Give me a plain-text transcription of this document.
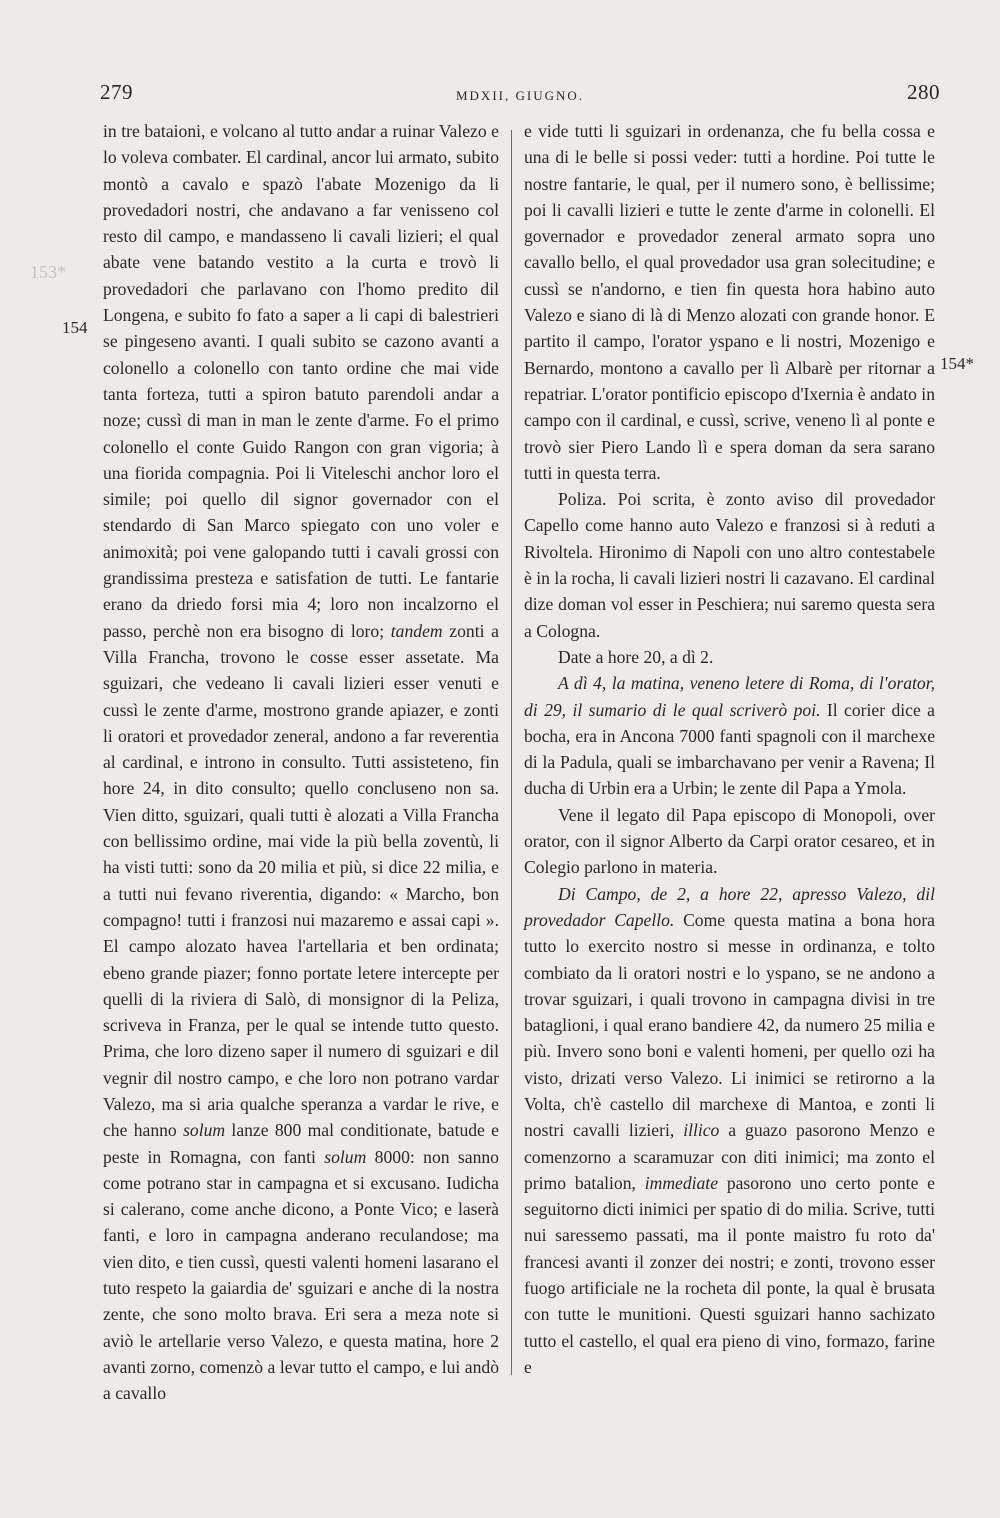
279	MDXII, GIUGNO.	280
153*
154
154*

in tre bataioni, e volcano al tutto andar a ruinar Valezo e lo voleva combater. El cardinal, ancor lui armato, subito montò a cavalo e spazò l'abate Mozenigo da li provedadori nostri, che andavano a far venisseno col resto dil campo, e mandasseno li cavali lizieri; el qual abate vene batando vestito a la curta e trovò li provedadori che parlavano con l'homo predito dil Longena, e subito fo fato a saper a li capi di balestrieri se pingeseno avanti. I quali subito se cazono avanti a colonello a colonello con tanto ordine che mai vide tanta forteza, tutti a spiron batuto parendoli andar a noze; cussì di man in man le zente d'arme. Fo el primo colonello el conte Guido Rangon con gran vigoria; à una fiorida compagnia. Poi li Viteleschi anchor loro el simile; poi quello dil signor governador con el stendardo di San Marco spiegato con uno voler e animoxità; poi vene galopando tutti i cavali grossi con grandissima presteza e satisfation de tutti. Le fantarie erano da driedo forsi mia 4; loro non incalzorno el passo, perchè non era bisogno di loro; tandem zonti a Villa Francha, trovono le cosse esser assetate. Ma sguizari, che vedeano li cavali lizieri esser venuti e cussì le zente d'arme, mostrono grande apiazer, e zonti li oratori et provedador zeneral, andono a far reverentia al cardinal, e introno in consulto. Tutti assisteteno, fin hore 24, in dito consulto; quello concluseno non sa. Vien ditto, sguizari, quali tutti è alozati a Villa Francha con bellissimo ordine, mai vide la più bella zoventù, li ha visti tutti: sono da 20 milia et più, si dice 22 milia, e a tutti nui fevano riverentia, digando: « Marcho, bon compagno! tutti i franzosi nui mazaremo e assai capi ». El campo alozato havea l'artellaria et ben ordinata; ebeno grande piazer; fonno portate letere intercepte per quelli di la riviera di Salò, di monsignor di la Peliza, scriveva in Franza, per le qual se intende tutto questo. Prima, che loro dizeno saper il numero di sguizari e dil vegnir dil nostro campo, e che loro non potrano vardar Valezo, ma si aria qualche speranza a vardar le rive, e che hanno solum lanze 800 mal conditionate, batude e peste in Romagna, con fanti solum 8000: non sanno come potrano star in campagna et si excusano. Iudicha si calerano, come anche dicono, a Ponte Vico; e laserà fanti, e loro in campagna anderano reculandose; ma vien dito, e tien cussì, questi valenti homeni lasarano el tuto respeto la gaiardia de' sguizari e anche di la nostra zente, che sono molto brava. Eri sera a meza note si aviò le artellarie verso Valezo, e questa matina, hore 2 avanti zorno, comenzò a levar tutto el campo, e lui andò a cavallo

e vide tutti li sguizari in ordenanza, che fu bella cossa e una di le belle si possi veder: tutti a hordine. Poi tutte le nostre fantarie, le qual, per il numero sono, è bellissime; poi li cavalli lizieri e tutte le zente d'arme in colonelli. El governador e provedador zeneral armato sopra uno cavallo bello, el qual provedador usa gran solecitudine; e cussì se n'andorno, e tien fin questa hora habino auto Valezo e siano di là di Menzo alozati con grande honor. E partito il campo, l'orator yspano e li nostri, Mozenigo e Bernardo, montono a cavallo per lì Albarè per ritornar a repatriar. L'orator pontificio episcopo d'Ixernia è andato in campo con il cardinal, e cussì, scrive, veneno lì al ponte e trovò sier Piero Lando lì e spera doman da sera sarano tutti in questa terra.

Poliza. Poi scrita, è zonto aviso dil provedador Capello come hanno auto Valezo e franzosi si à reduti a Rivoltela. Hironimo di Napoli con uno altro contestabele è in la rocha, li cavali lizieri nostri li cazavano. El cardinal dize doman vol esser in Peschiera; nui saremo questa sera a Cologna.

Date a hore 20, a dì 2.

A dì 4, la matina, veneno letere di Roma, di l'orator, di 29, il sumario di le qual scriverò poi. Il corier dice a bocha, era in Ancona 7000 fanti spagnoli con il marchexe di la Padula, quali se imbarchavano per venir a Ravena; Il ducha di Urbin era a Urbin; le zente dil Papa a Ymola.

Vene il legato dil Papa episcopo di Monopoli, over orator, con il signor Alberto da Carpi orator cesareo, et in Colegio parlono in materia.

Di Campo, de 2, a hore 22, apresso Valezo, dil provedador Capello. Come questa matina a bona hora tutto lo exercito nostro si messe in ordinanza, e tolto combiato da li oratori nostri e lo yspano, se ne andono a trovar sguizari, i quali trovono in campagna divisi in tre bataglioni, i qual erano bandiere 42, da numero 25 milia e più. Invero sono boni e valenti homeni, per quello ozi ha visto, drizati verso Valezo. Li inimici se retirorno a la Volta, ch'è castello dil marchexe di Mantoa, e zonti li nostri cavalli lizieri, illico a guazo pasorono Menzo e comenzorno a scaramuzar con diti inimici; ma zonto el primo batalion, immediate pasorono uno certo ponte e seguitorno dicti inimici per spatio di do milia. Scrive, tutti nui saressemo passati, ma il ponte maistro fu roto da' francesi avanti il zonzer dei nostri; e zonti, trovono esser fuogo artificiale ne la rocheta dil ponte, la qual è brusata con tutte le munitioni. Questi sguizari hanno sachizato tutto el castello, el qual era pieno di vino, formazo, farine e
